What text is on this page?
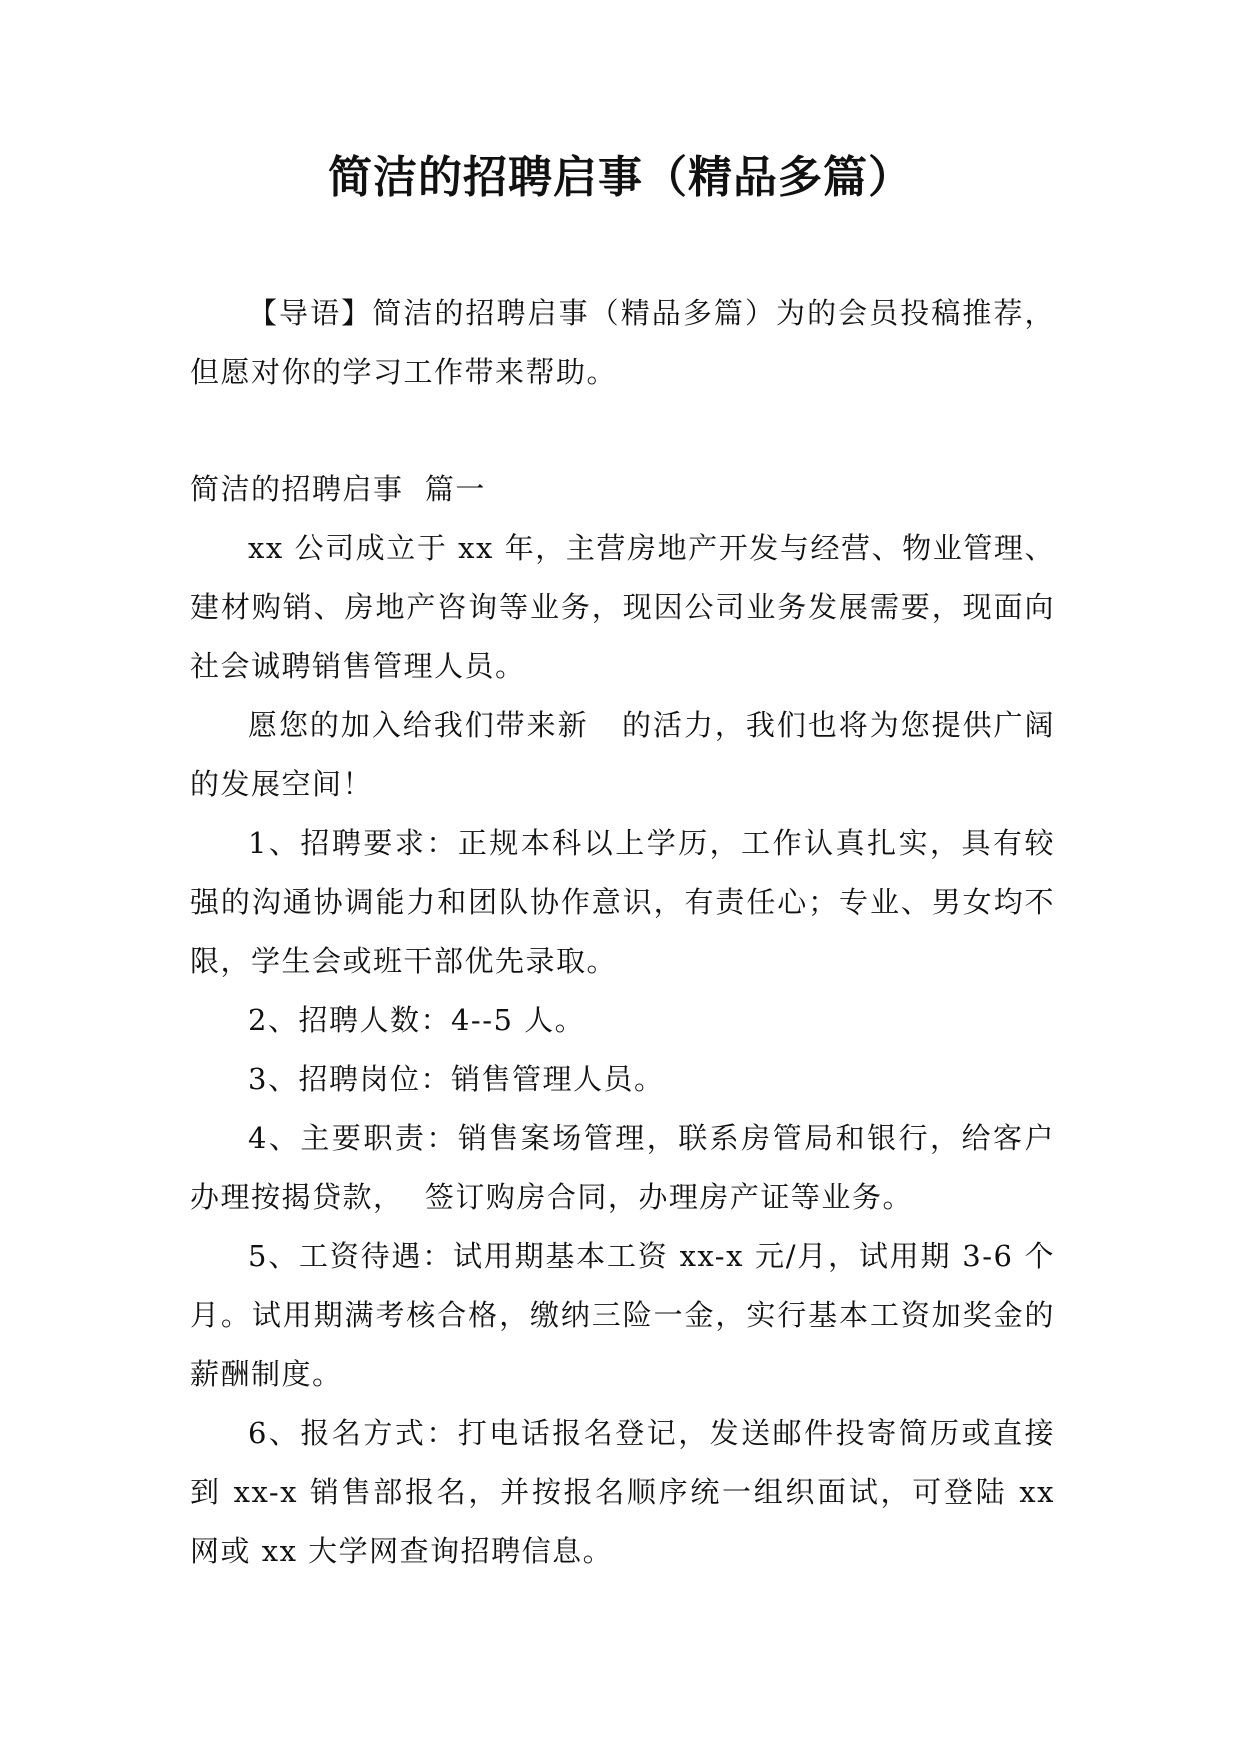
简洁的招聘启事（精品多篇）

【导语】简洁的招聘启事（精品多篇）为的会员投稿推荐，但愿对你的学习工作带来帮助。

简洁的招聘启事  篇一

xx 公司成立于 xx 年，主营房地产开发与经营、物业管理、建材购销、房地产咨询等业务，现因公司业务发展需要，现面向社会诚聘销售管理人员。

愿您的加入给我们带来新   的活力，我们也将为您提供广阔的发展空间！

1、招聘要求：正规本科以上学历，工作认真扎实，具有较强的沟通协调能力和团队协作意识，有责任心；专业、男女均不限，学生会或班干部优先录取。

2、招聘人数：4--5 人。

3、招聘岗位：销售管理人员。

4、主要职责：销售案场管理，联系房管局和银行，给客户办理按揭贷款，  签订购房合同，办理房产证等业务。

5、工资待遇：试用期基本工资 xx-x 元/月，试用期 3-6 个月。试用期满考核合格，缴纳三险一金，实行基本工资加奖金的薪酬制度。

6、报名方式：打电话报名登记，发送邮件投寄简历或直接到 xx-x 销售部报名，并按报名顺序统一组织面试，可登陆 xx 网或 xx 大学网查询招聘信息。
